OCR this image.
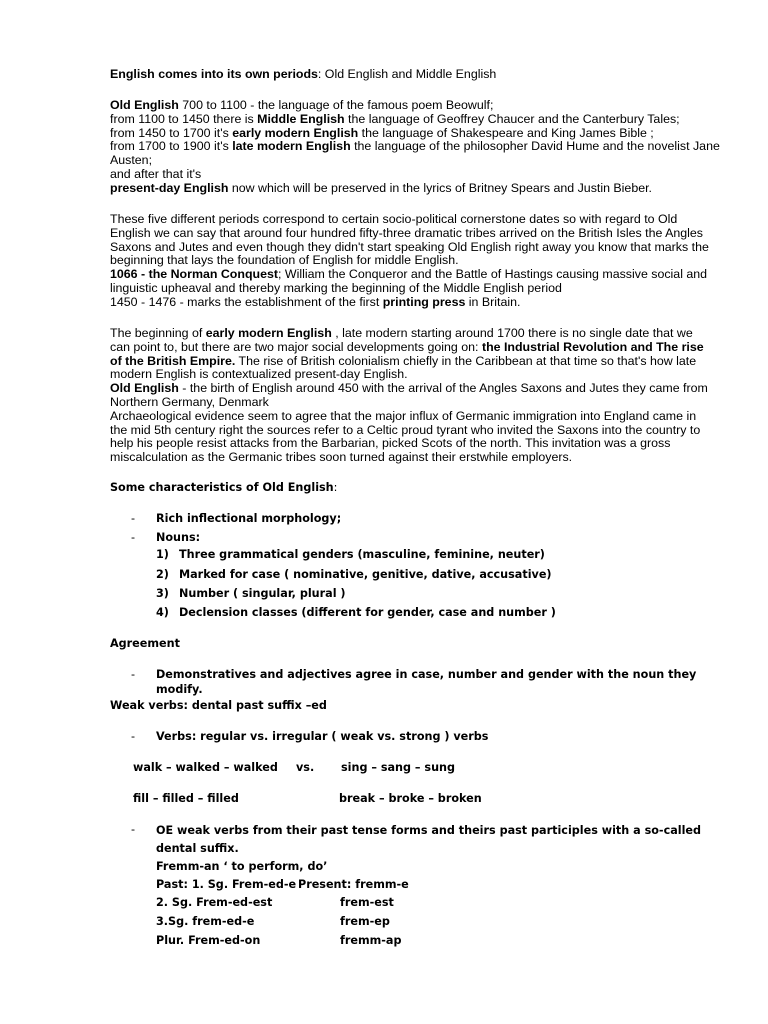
English comes into its own periods: Old English and Middle English

Old English 700 to 1100 - the language of the famous poem Beowulf;
from 1100 to 1450 there is Middle English the language of Geoffrey Chaucer and the Canterbury Tales;
from 1450 to 1700 it's early modern English the language of Shakespeare and King James Bible ;
from 1700 to 1900 it's late modern English the language of the philosopher David Hume and the novelist Jane Austen;
and after that it's
present-day English now which will be preserved in the lyrics of Britney Spears and Justin Bieber.
These five different periods correspond to certain socio-political cornerstone dates so with regard to Old English we can say that around four hundred fifty-three dramatic tribes arrived on the British Isles the Angles Saxons and Jutes and even though they didn't start speaking Old English right away you know that marks the beginning that lays the foundation of English for middle English.
1066 - the Norman Conquest; William the Conqueror and the Battle of Hastings causing massive social and linguistic upheaval and thereby marking the beginning of the Middle English period
1450 - 1476 - marks the establishment of the first printing press in Britain.
The beginning of early modern English , late modern starting around 1700 there is no single date that we can point to, but there are two major social developments going on: the Industrial Revolution and The rise of the British Empire. The rise of British colonialism chiefly in the Caribbean at that time so that's how late modern English is contextualized present-day English.
Old English - the birth of English around 450 with the arrival of the Angles Saxons and Jutes they came from Northern Germany, Denmark
Archaeological evidence seem to agree that the major influx of Germanic immigration into England came in the mid 5th century right the sources refer to a Celtic proud tyrant who invited the Saxons into the country to help his people resist attacks from the Barbarian, picked Scots of the north. This invitation was a gross miscalculation as the Germanic tribes soon turned against their erstwhile employers.
Some characteristics of Old English:
- Rich inflectional morphology;
- Nouns:
1) Three grammatical genders (masculine, feminine, neuter)
2) Marked for case ( nominative, genitive, dative, accusative)
3) Number ( singular, plural )
4) Declension classes (different for gender, case and number )
Agreement
- Demonstratives and adjectives agree in case, number and gender with the noun they modify.
Weak verbs: dental past suffix –ed
- Verbs: regular vs. irregular ( weak vs. strong ) verbs
walk – walked – walked vs. sing – sang – sung
fill – filled – filled	break – broke – broken
- OE weak verbs from their past tense forms and theirs past participles with a so-called dental suffix.
Fremm-an ‘ to perform, do’
Past: 1. Sg. Frem-ed-e Present: fremm-e
2. Sg. Frem-ed-est	frem-est
3.Sg. frem-ed-e	frem-ep
Plur. Frem-ed-on	fremm-ap
